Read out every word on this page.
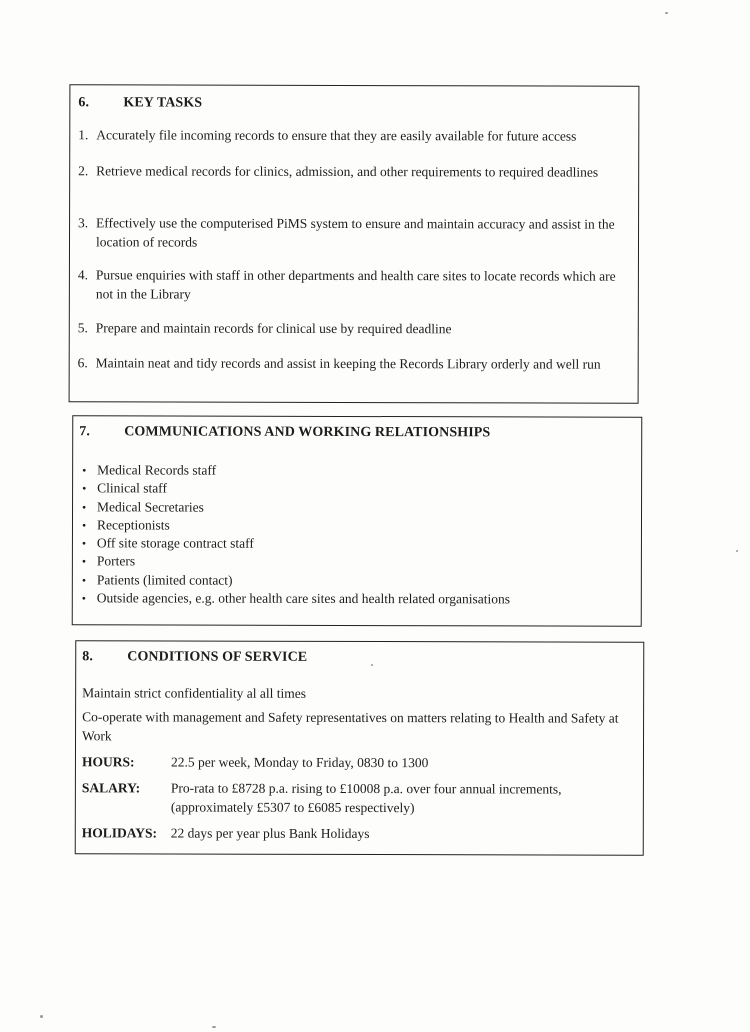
6. KEY TASKS
1. Accurately file incoming records to ensure that they are easily available for future access
2. Retrieve medical records for clinics, admission, and other requirements to required deadlines
3. Effectively use the computerised PiMS system to ensure and maintain accuracy and assist in the location of records
4. Pursue enquiries with staff in other departments and health care sites to locate records which are not in the Library
5. Prepare and maintain records for clinical use by required deadline
6. Maintain neat and tidy records and assist in keeping the Records Library orderly and well run
7. COMMUNICATIONS AND WORKING RELATIONSHIPS
• Medical Records staff
• Clinical staff
• Medical Secretaries
• Receptionists
• Off site storage contract staff
• Porters
• Patients (limited contact)
• Outside agencies, e.g. other health care sites and health related organisations
8. CONDITIONS OF SERVICE
Maintain strict confidentiality al all times
Co-operate with management and Safety representatives on matters relating to Health and Safety at Work
HOURS:	22.5 per week, Monday to Friday, 0830 to 1300
SALARY: Pro-rata to £8728 p.a. rising to £10008 p.a. over four annual increments, (approximately £5307 to £6085 respectively)
HOLIDAYS: 22 days per year plus Bank Holidays
